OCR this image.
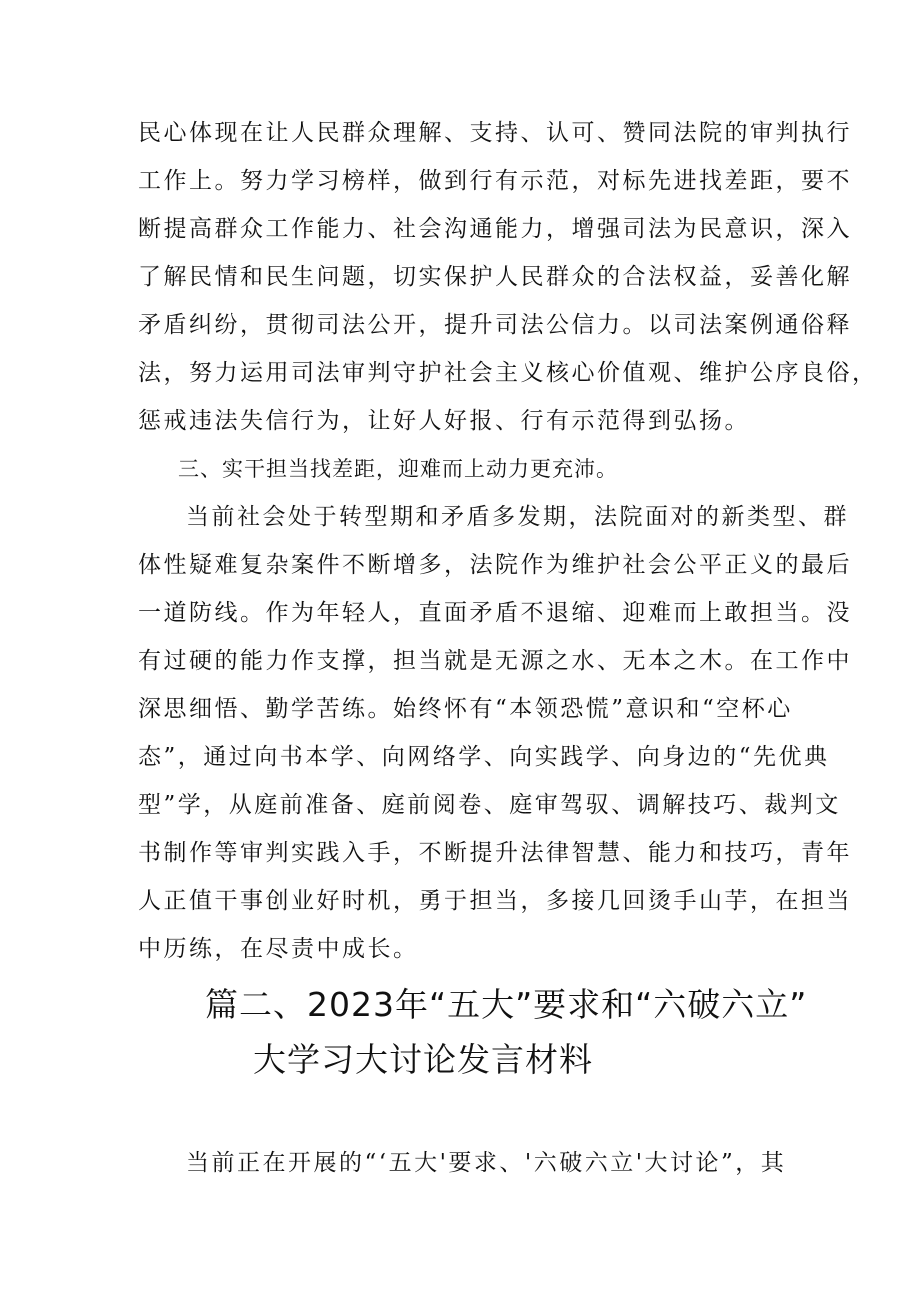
民心体现在让人民群众理解、支持、认可、赞同法院的审判执行
工作上。努力学习榜样，做到行有示范，对标先进找差距，要不
断提高群众工作能力、社会沟通能力，增强司法为民意识，深入
了解民情和民生问题，切实保护人民群众的合法权益，妥善化解
矛盾纠纷，贯彻司法公开，提升司法公信力。以司法案例通俗释
法，努力运用司法审判守护社会主义核心价值观、维护公序良俗，
惩戒违法失信行为，让好人好报、行有示范得到弘扬。
三、实干担当找差距，迎难而上动力更充沛。
当前社会处于转型期和矛盾多发期，法院面对的新类型、群
体性疑难复杂案件不断增多，法院作为维护社会公平正义的最后
一道防线。作为年轻人，直面矛盾不退缩、迎难而上敢担当。没
有过硬的能力作支撑，担当就是无源之水、无本之木。在工作中
深思细悟、勤学苦练。始终怀有“本领恐慌”意识和“空杯心
态”，通过向书本学、向网络学、向实践学、向身边的“先优典
型”学，从庭前准备、庭前阅卷、庭审驾驭、调解技巧、裁判文
书制作等审判实践入手，不断提升法律智慧、能力和技巧，青年
人正值干事创业好时机，勇于担当，多接几回烫手山芋，在担当
中历练，在尽责中成长。
篇二、2023年“五大”要求和“六破六立”
大学习大讨论发言材料
当前正在开展的“‘五大'要求、'六破六立'大讨论”，其
